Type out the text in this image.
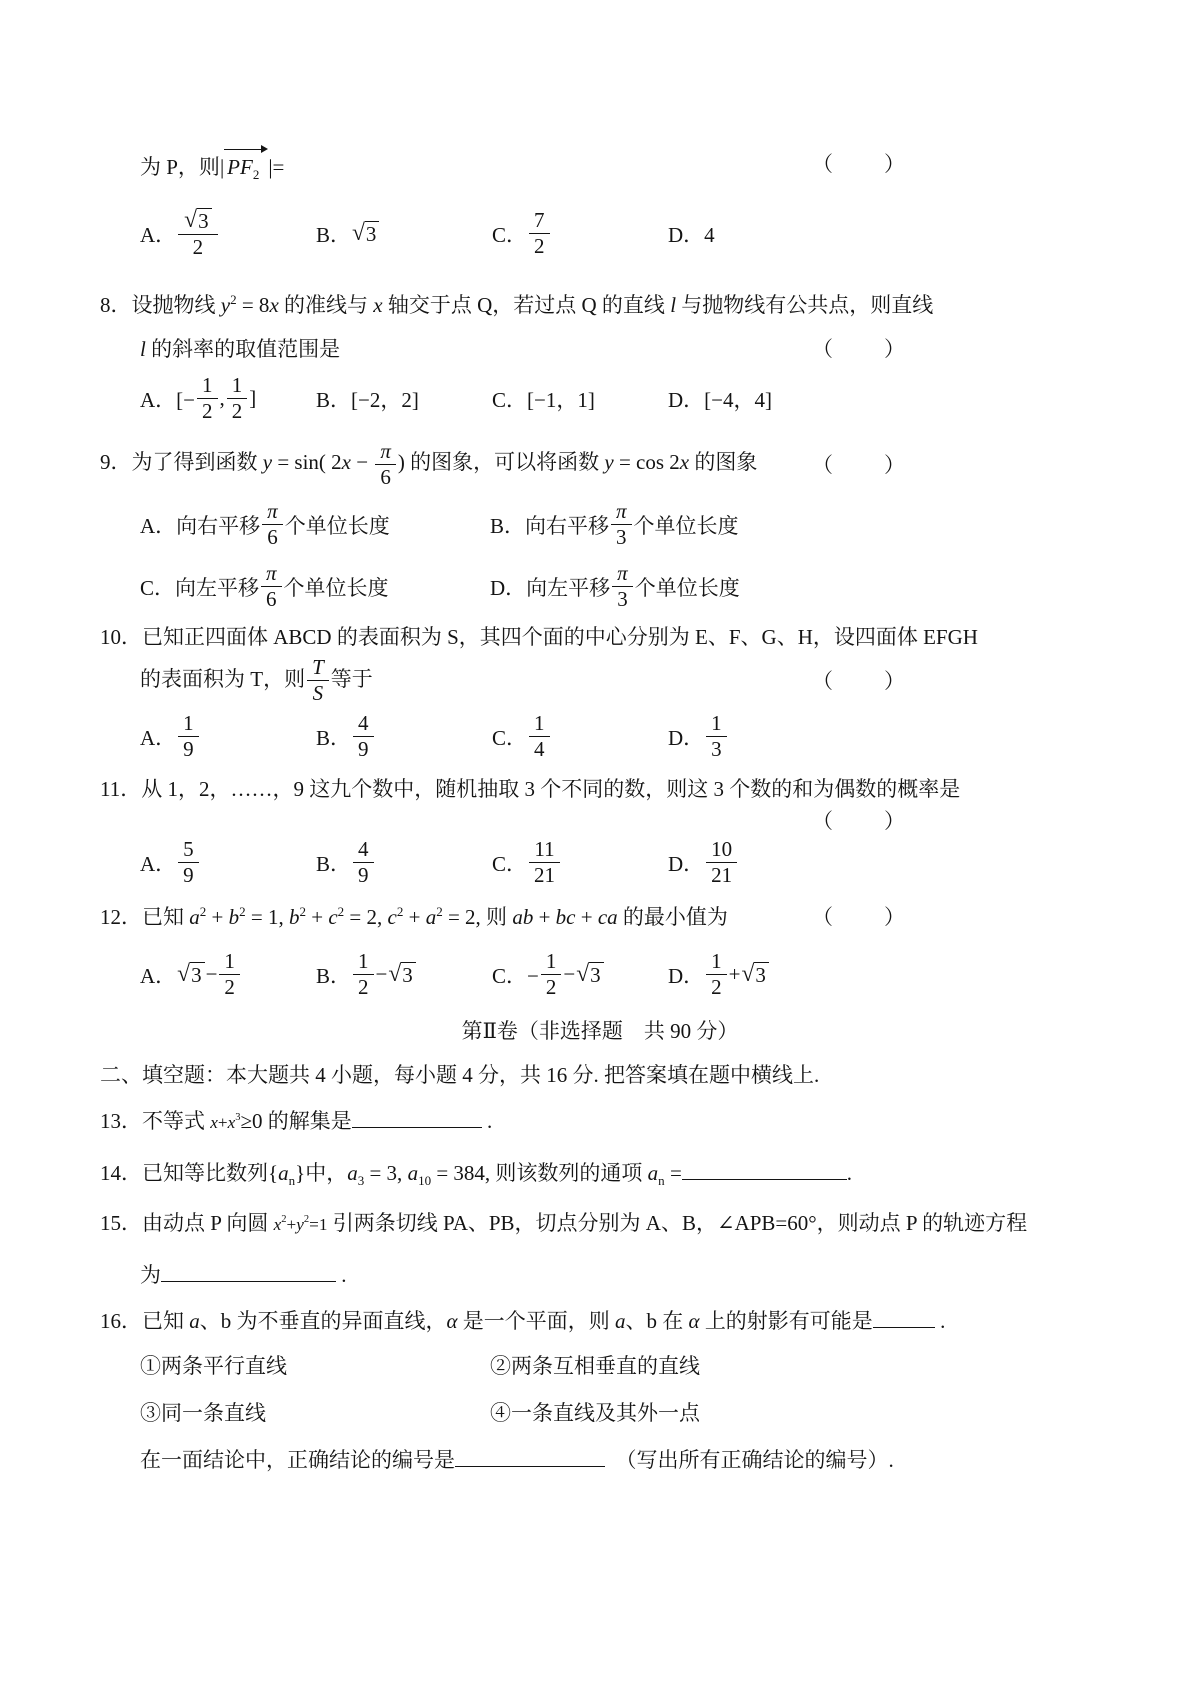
为 P，则| $PF_2$ |=	（　　）
A． $\frac{√ 3}{2}$	B． √ 3	C． $\frac{7}{2}$	D．4
8．设抛物线 $y^2 = 8x$ 的准线与 x 轴交于点 Q，若过点 Q 的直线 l 与抛物线有公共点，则直线
l 的斜率的取值范围是	（　　）
A．[− $\frac{1}{2}$ , $\frac{1}{2}$ ]	B．[−2，2]	C．[−1，1]	D．[−4，4]
9．为了得到函数 y = sin( $2x - \frac{\pi}{6}$ ) 的图象，可以将函数 y = cos 2x 的图象	（　　）
A．向右平移 $\frac{\pi}{6}$ 个单位长度	B．向右平移 $\frac{\pi}{3}$ 个单位长度
C．向左平移 $\frac{\pi}{6}$ 个单位长度	D．向左平移 $\frac{\pi}{3}$ 个单位长度
10．已知正四面体 ABCD 的表面积为 S，其四个面的中心分别为 E、F、G、H，设四面体 EFGH
的表面积为 T，则 $\frac{T}{S}$ 等于	（　　）
A． $\frac{1}{9}$	B． $\frac{4}{9}$	C． $\frac{1}{4}$	D． $\frac{1}{3}$
11．从 1，2，……，9 这九个数中，随机抽取 3 个不同的数，则这 3 个数的和为偶数的概率是
（　　）
A． $\frac{5}{9}$	B． $\frac{4}{9}$	C． $\frac{11}{21}$	D． $\frac{10}{21}$
12．已知 $a^2 + b^2 = 1$, $b^2 + c^2 = 2$, $c^2 + a^2 = 2$, 则 ab + bc + ca 的最小值为	（　　）
A． √ $3 - \frac{1}{2}$	B． $\frac{1}{2}$ − √ 3	C．− $\frac{1}{2}$ − √ 3	D． $\frac{1}{2}$ + √ 3
第Ⅱ卷（非选择题　共 90 分）
二、填空题：本大题共 4 小题，每小题 4 分，共 16 分. 把答案填在题中横线上.
13．不等式 $x+x^3\ge 0$ 的解集是	.
14．已知等比数列$\{a_n\}$中，$a_3 = 3$, $a_{10} = 384$, 则该数列的通项 $a_n$ =	.
15．由动点 P 向圆 $x^2+y^2=1$ 引两条切线 PA、PB，切点分别为 A、B，∠APB=60°，则动点 P 的轨迹方程
为	.
16．已知 a、b 为不垂直的异面直线，α 是一个平面，则 a、b 在 α 上的射影有可能是	.
①两条平行直线	②两条互相垂直的直线
③同一条直线	④一条直线及其外一点
在一面结论中，正确结论的编号是	　（写出所有正确结论的编号）.
